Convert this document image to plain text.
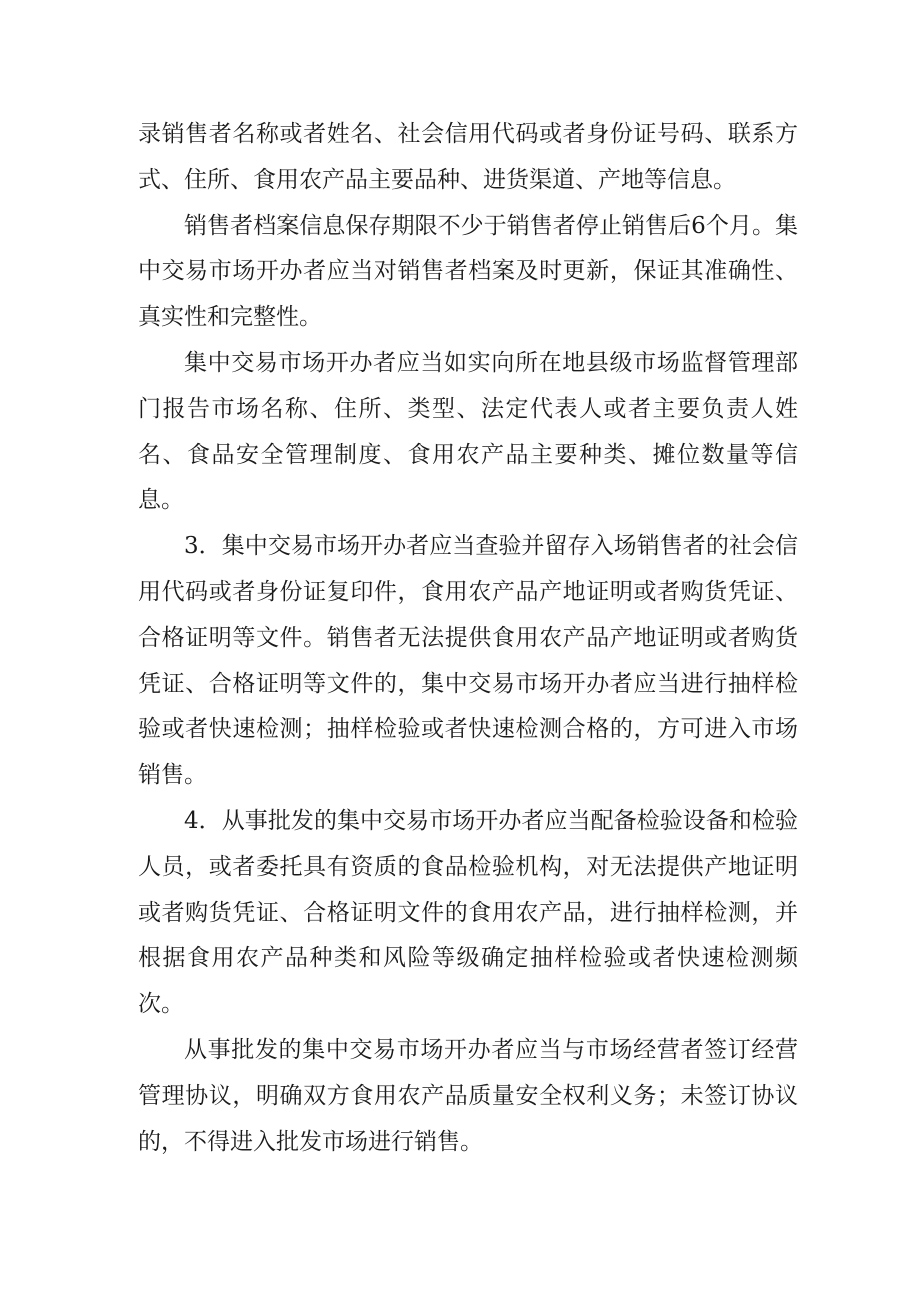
录销售者名称或者姓名、社会信用代码或者身份证号码、联系方式、住所、食用农产品主要品种、进货渠道、产地等信息。

销售者档案信息保存期限不少于销售者停止销售后6个月。集中交易市场开办者应当对销售者档案及时更新，保证其准确性、真实性和完整性。

集中交易市场开办者应当如实向所在地县级市场监督管理部门报告市场名称、住所、类型、法定代表人或者主要负责人姓名、食品安全管理制度、食用农产品主要种类、摊位数量等信息。

3．集中交易市场开办者应当查验并留存入场销售者的社会信用代码或者身份证复印件，食用农产品产地证明或者购货凭证、合格证明等文件。销售者无法提供食用农产品产地证明或者购货凭证、合格证明等文件的，集中交易市场开办者应当进行抽样检验或者快速检测；抽样检验或者快速检测合格的，方可进入市场销售。

4．从事批发的集中交易市场开办者应当配备检验设备和检验人员，或者委托具有资质的食品检验机构，对无法提供产地证明或者购货凭证、合格证明文件的食用农产品，进行抽样检测，并根据食用农产品种类和风险等级确定抽样检验或者快速检测频次。

从事批发的集中交易市场开办者应当与市场经营者签订经营管理协议，明确双方食用农产品质量安全权利义务；未签订协议的，不得进入批发市场进行销售。
